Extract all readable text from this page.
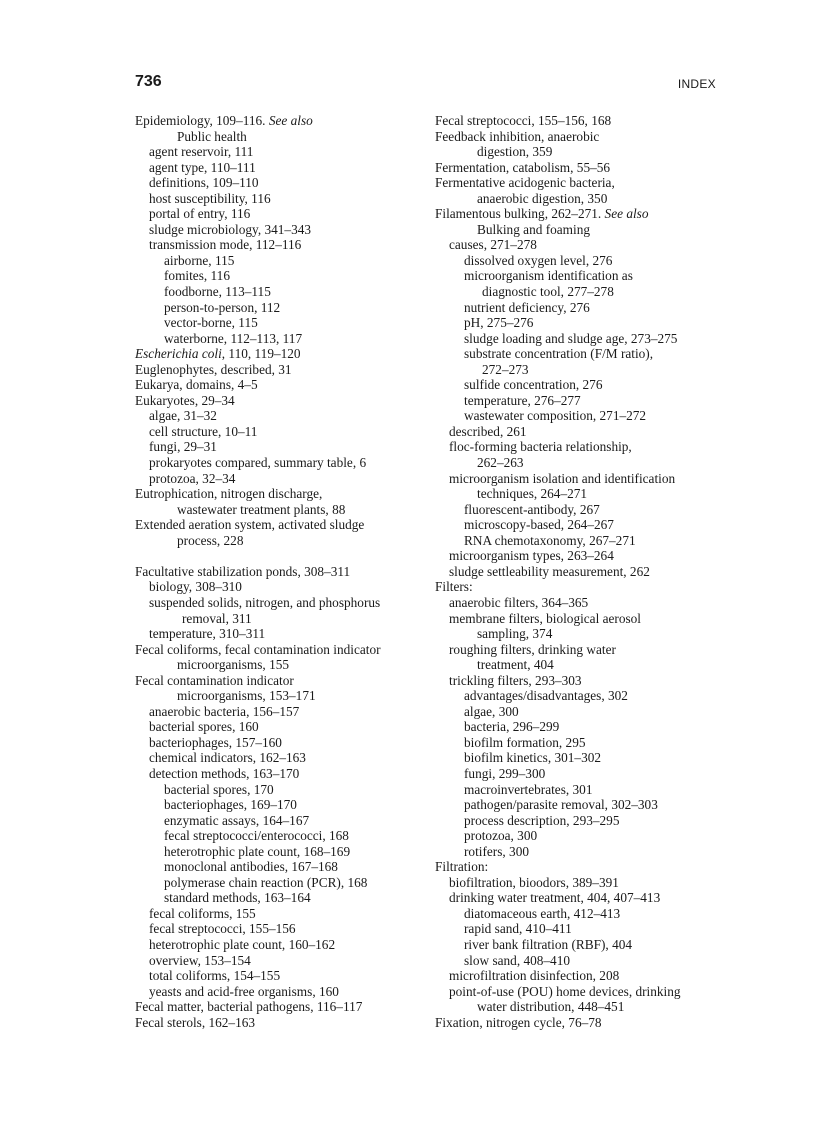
736	INDEX
Epidemiology, 109–116. See also
Public health
agent reservoir, 111
agent type, 110–111
definitions, 109–110
host susceptibility, 116
portal of entry, 116
sludge microbiology, 341–343
transmission mode, 112–116
airborne, 115
fomites, 116
foodborne, 113–115
person-to-person, 112
vector-borne, 115
waterborne, 112–113, 117
Escherichia coli, 110, 119–120
Euglenophytes, described, 31
Eukarya, domains, 4–5
Eukaryotes, 29–34
algae, 31–32
cell structure, 10–11
fungi, 29–31
prokaryotes compared, summary table, 6
protozoa, 32–34
Eutrophication, nitrogen discharge,
wastewater treatment plants, 88
Extended aeration system, activated sludge
process, 228
Facultative stabilization ponds, 308–311
biology, 308–310
suspended solids, nitrogen, and phosphorus
removal, 311
temperature, 310–311
Fecal coliforms, fecal contamination indicator
microorganisms, 155
Fecal contamination indicator
microorganisms, 153–171
anaerobic bacteria, 156–157
bacterial spores, 160
bacteriophages, 157–160
chemical indicators, 162–163
detection methods, 163–170
bacterial spores, 170
bacteriophages, 169–170
enzymatic assays, 164–167
fecal streptococci/enterococci, 168
heterotrophic plate count, 168–169
monoclonal antibodies, 167–168
polymerase chain reaction (PCR), 168
standard methods, 163–164
fecal coliforms, 155
fecal streptococci, 155–156
heterotrophic plate count, 160–162
overview, 153–154
total coliforms, 154–155
yeasts and acid-free organisms, 160
Fecal matter, bacterial pathogens, 116–117
Fecal sterols, 162–163
Fecal streptococci, 155–156, 168
Feedback inhibition, anaerobic
digestion, 359
Fermentation, catabolism, 55–56
Fermentative acidogenic bacteria,
anaerobic digestion, 350
Filamentous bulking, 262–271. See also
Bulking and foaming
causes, 271–278
dissolved oxygen level, 276
microorganism identification as
diagnostic tool, 277–278
nutrient deficiency, 276
pH, 275–276
sludge loading and sludge age, 273–275
substrate concentration (F/M ratio),
272–273
sulfide concentration, 276
temperature, 276–277
wastewater composition, 271–272
described, 261
floc-forming bacteria relationship,
262–263
microorganism isolation and identification
techniques, 264–271
fluorescent-antibody, 267
microscopy-based, 264–267
RNA chemotaxonomy, 267–271
microorganism types, 263–264
sludge settleability measurement, 262
Filters:
anaerobic filters, 364–365
membrane filters, biological aerosol
sampling, 374
roughing filters, drinking water
treatment, 404
trickling filters, 293–303
advantages/disadvantages, 302
algae, 300
bacteria, 296–299
biofilm formation, 295
biofilm kinetics, 301–302
fungi, 299–300
macroinvertebrates, 301
pathogen/parasite removal, 302–303
process description, 293–295
protozoa, 300
rotifers, 300
Filtration:
biofiltration, bioodors, 389–391
drinking water treatment, 404, 407–413
diatomaceous earth, 412–413
rapid sand, 410–411
river bank filtration (RBF), 404
slow sand, 408–410
microfiltration disinfection, 208
point-of-use (POU) home devices, drinking
water distribution, 448–451
Fixation, nitrogen cycle, 76–78
